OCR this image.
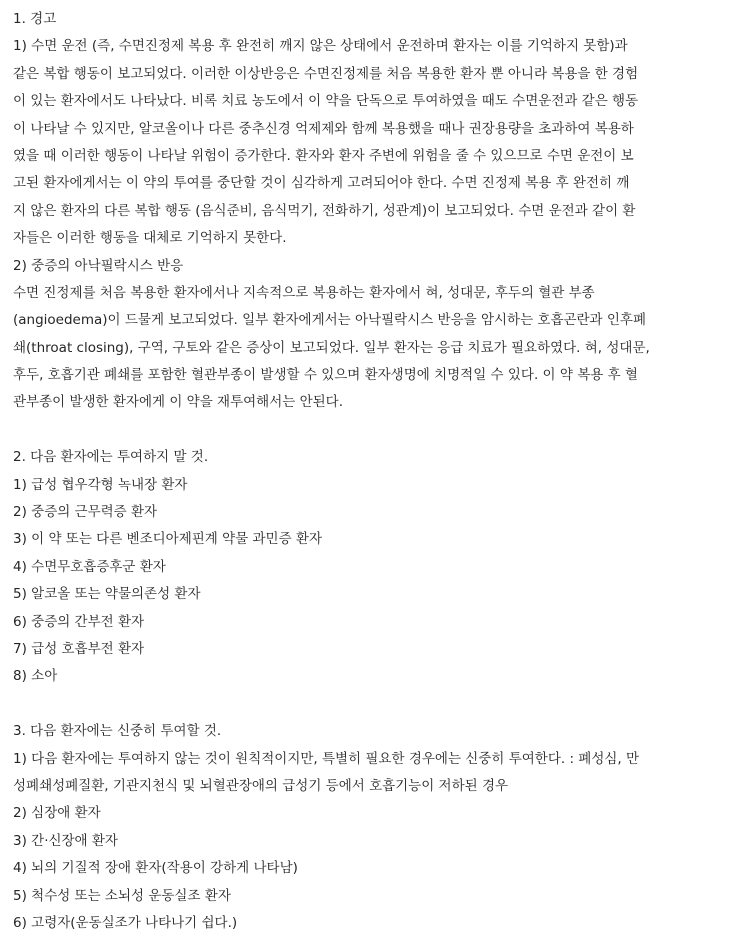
1. 경고
1) 수면 운전 (즉, 수면진정제 복용 후 완전히 깨지 않은 상태에서 운전하며 환자는 이를 기억하지 못함)과
같은 복합 행동이 보고되었다. 이러한 이상반응은 수면진정제를 처음 복용한 환자 뿐 아니라 복용을 한 경험
이 있는 환자에서도 나타났다. 비록 치료 농도에서 이 약을 단독으로 투여하였을 때도 수면운전과 같은 행동
이 나타날 수 있지만, 알코올이나 다른 중추신경 억제제와 함께 복용했을 때나 권장용량을 초과하여 복용하
였을 때 이러한 행동이 나타날 위험이 증가한다. 환자와 환자 주변에 위험을 줄 수 있으므로 수면 운전이 보
고된 환자에게서는 이 약의 투여를 중단할 것이 심각하게 고려되어야 한다. 수면 진정제 복용 후 완전히 깨
지 않은 환자의 다른 복합 행동 (음식준비, 음식먹기, 전화하기, 성관계)이 보고되었다. 수면 운전과 같이 환
자들은 이러한 행동을 대체로 기억하지 못한다.
2) 중증의 아낙필락시스 반응
수면 진정제를 처음 복용한 환자에서나 지속적으로 복용하는 환자에서 혀, 성대문, 후두의 혈관 부종
(angioedema)이 드물게 보고되었다. 일부 환자에게서는 아낙필락시스 반응을 암시하는 호흡곤란과 인후폐
쇄(throat closing), 구역, 구토와 같은 증상이 보고되었다. 일부 환자는 응급 치료가 필요하였다. 혀, 성대문,
후두, 호흡기관 폐쇄를 포함한 혈관부종이 발생할 수 있으며 환자생명에 치명적일 수 있다. 이 약 복용 후 혈
관부종이 발생한 환자에게 이 약을 재투여해서는 안된다.
2. 다음 환자에는 투여하지 말 것.
1) 급성 협우각형 녹내장 환자
2) 중증의 근무력증 환자
3) 이 약 또는 다른 벤조디아제핀계 약물 과민증 환자
4) 수면무호흡증후군 환자
5) 알코올 또는 약물의존성 환자
6) 중증의 간부전 환자
7) 급성 호흡부전 환자
8) 소아
3. 다음 환자에는 신중히 투여할 것.
1) 다음 환자에는 투여하지 않는 것이 원칙적이지만, 특별히 필요한 경우에는 신중히 투여한다. : 폐성심, 만
성폐쇄성폐질환, 기관지천식 및 뇌혈관장애의 급성기 등에서 호흡기능이 저하된 경우
2) 심장애 환자
3) 간·신장애 환자
4) 뇌의 기질적 장애 환자(작용이 강하게 나타남)
5) 척수성 또는 소뇌성 운동실조 환자
6) 고령자(운동실조가 나타나기 쉽다.)
